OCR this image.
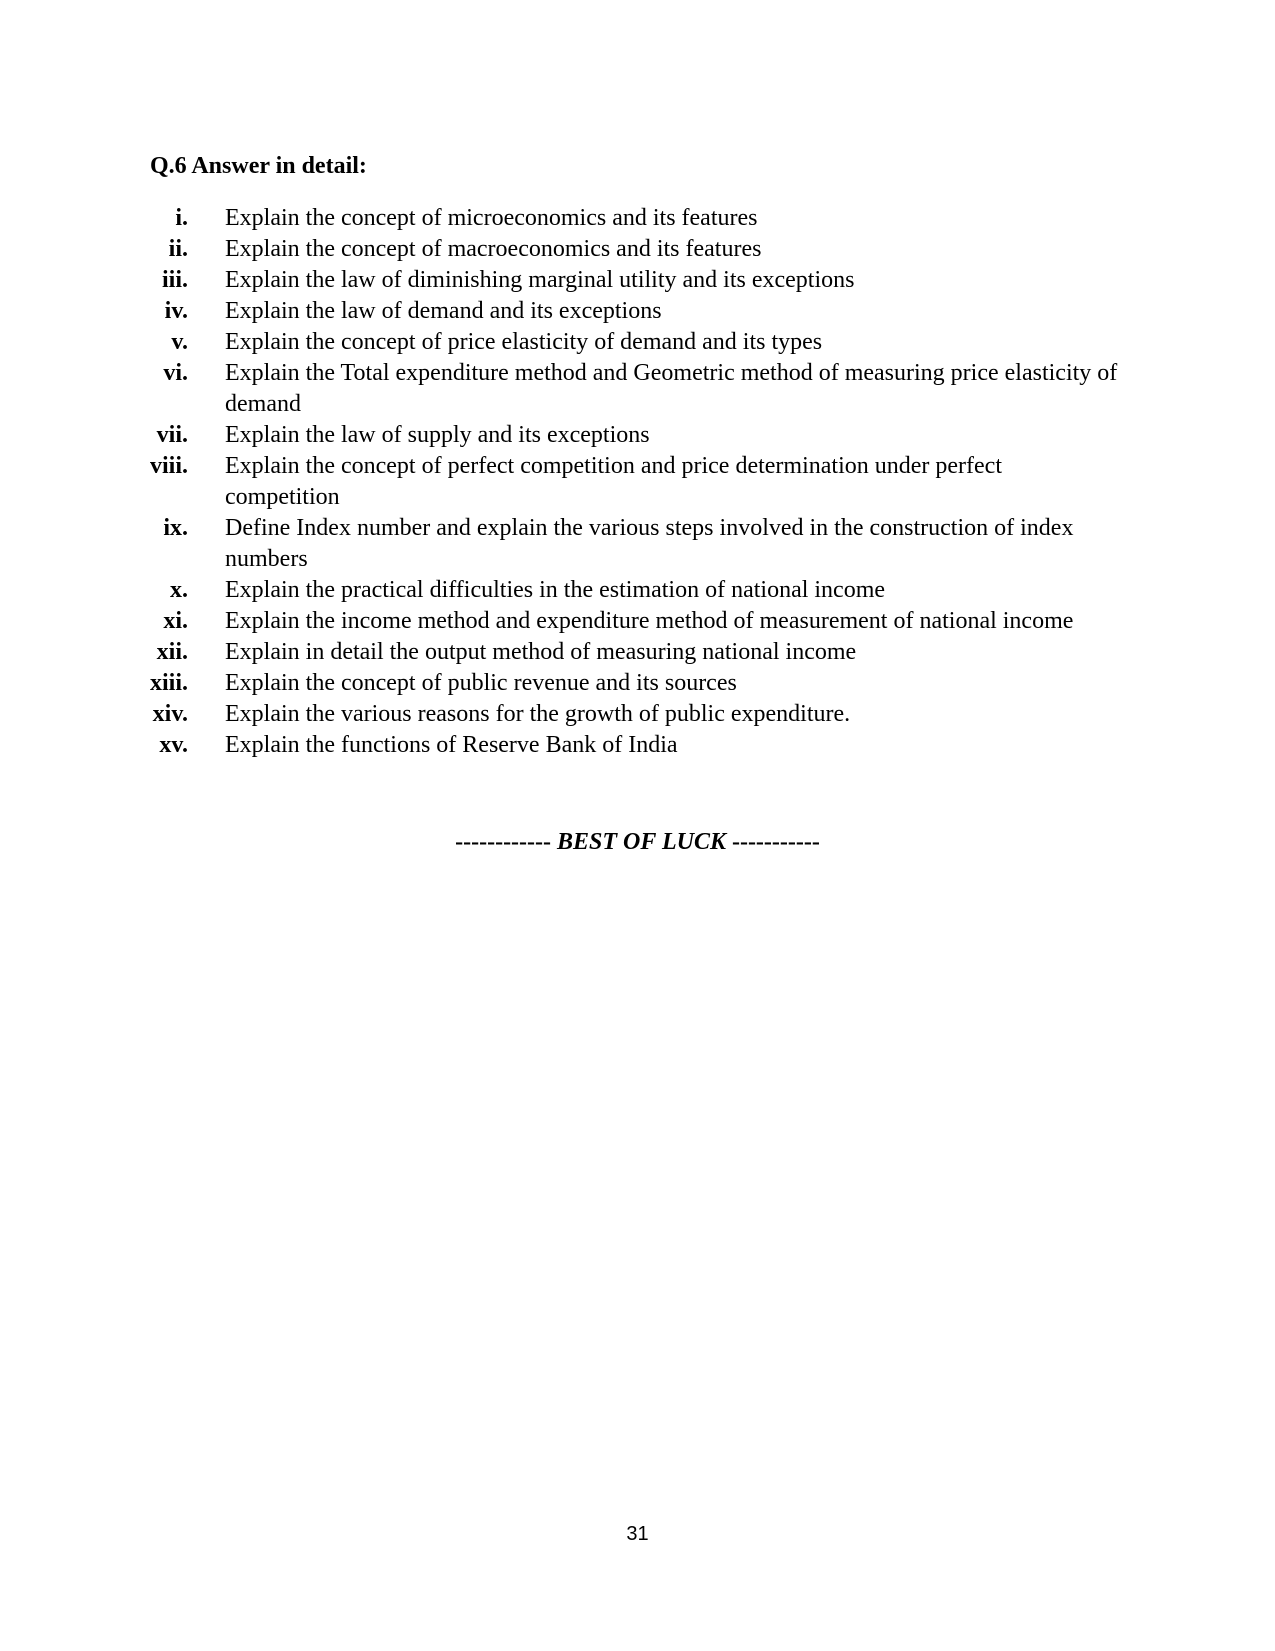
Q.6 Answer in detail:
i. Explain the concept of microeconomics and its features
ii. Explain the concept of macroeconomics and its features
iii. Explain the law of diminishing marginal utility and its exceptions
iv. Explain the law of demand and its exceptions
v. Explain the concept of price elasticity of demand and its types
vi. Explain the Total expenditure method and Geometric method of measuring price elasticity of demand
vii. Explain the law of supply and its exceptions
viii. Explain the concept of perfect competition and price determination under perfect competition
ix. Define Index number and explain the various steps involved in the construction of index numbers
x. Explain the practical difficulties in the estimation of national income
xi. Explain the income method and expenditure method of measurement of national income
xii. Explain in detail the output method of measuring national income
xiii. Explain the concept of public revenue and its sources
xiv. Explain the various reasons for the growth of public expenditure.
xv. Explain the functions of Reserve Bank of India
------------ BEST OF LUCK -----------
31
